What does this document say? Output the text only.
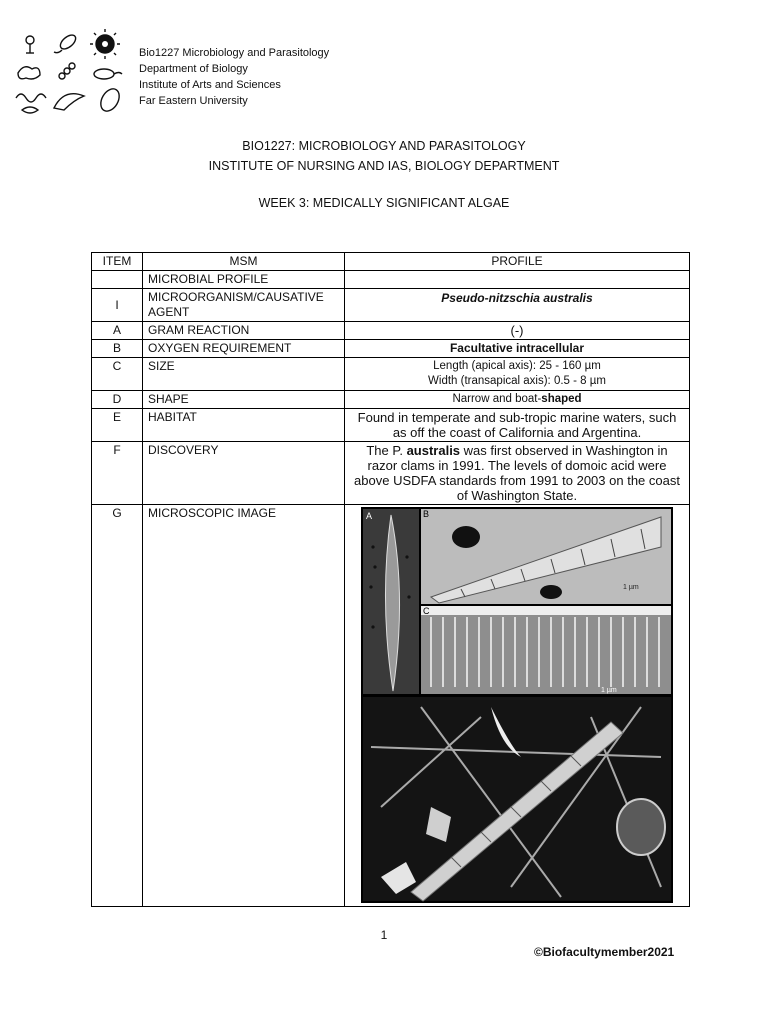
Bio1227 Microbiology and Parasitology
Department of Biology
Institute of Arts and Sciences
Far Eastern University
BIO1227: MICROBIOLOGY AND PARASITOLOGY
INSTITUTE OF NURSING AND IAS, BIOLOGY DEPARTMENT
WEEK 3: MEDICALLY SIGNIFICANT ALGAE
ITEM	MSM	PROFILE
	MICROBIAL PROFILE	
I	MICROORGANISM/CAUSATIVE AGENT	Pseudo-nitzschia australis
A	GRAM REACTION	(-)
B	OXYGEN REQUIREMENT	Facultative intracellular
C	SIZE	Length (apical axis): 25 - 160 µm
Width (transapical axis): 0.5 - 8 µm

D	SHAPE	Narrow and boat-shaped
E	HABITAT	Found in temperate and sub-tropic marine waters, such as off the coast of California and Argentina.
F	DISCOVERY	The P. australis was first observed in Washington in razor clams in 1991. The levels of domoic acid were above USDFA standards from 1991 to 2003 on the coast of Washington State.
G	MICROSCOPIC IMAGE	A B
1 µm
C
1 µm
1
©Biofacultymember2021
